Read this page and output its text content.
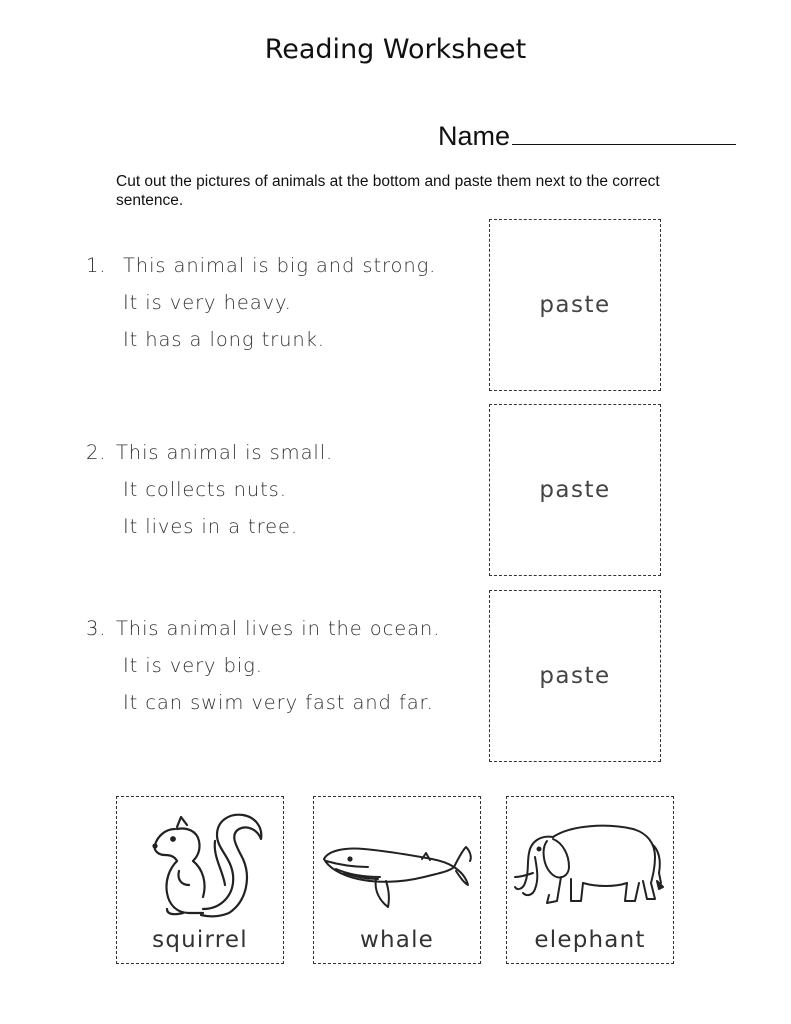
Reading Worksheet
Name
Cut out the pictures of animals at the bottom and paste them next to the correct sentence.
1. This animal is big and strong.
It is very heavy.
It has a long trunk.
2. This animal is small.
It collects nuts.
It lives in a tree.
3. This animal lives in the ocean.
It is very big.
It can swim very fast and far.
paste
paste
paste
squirrel	whale	elephant
